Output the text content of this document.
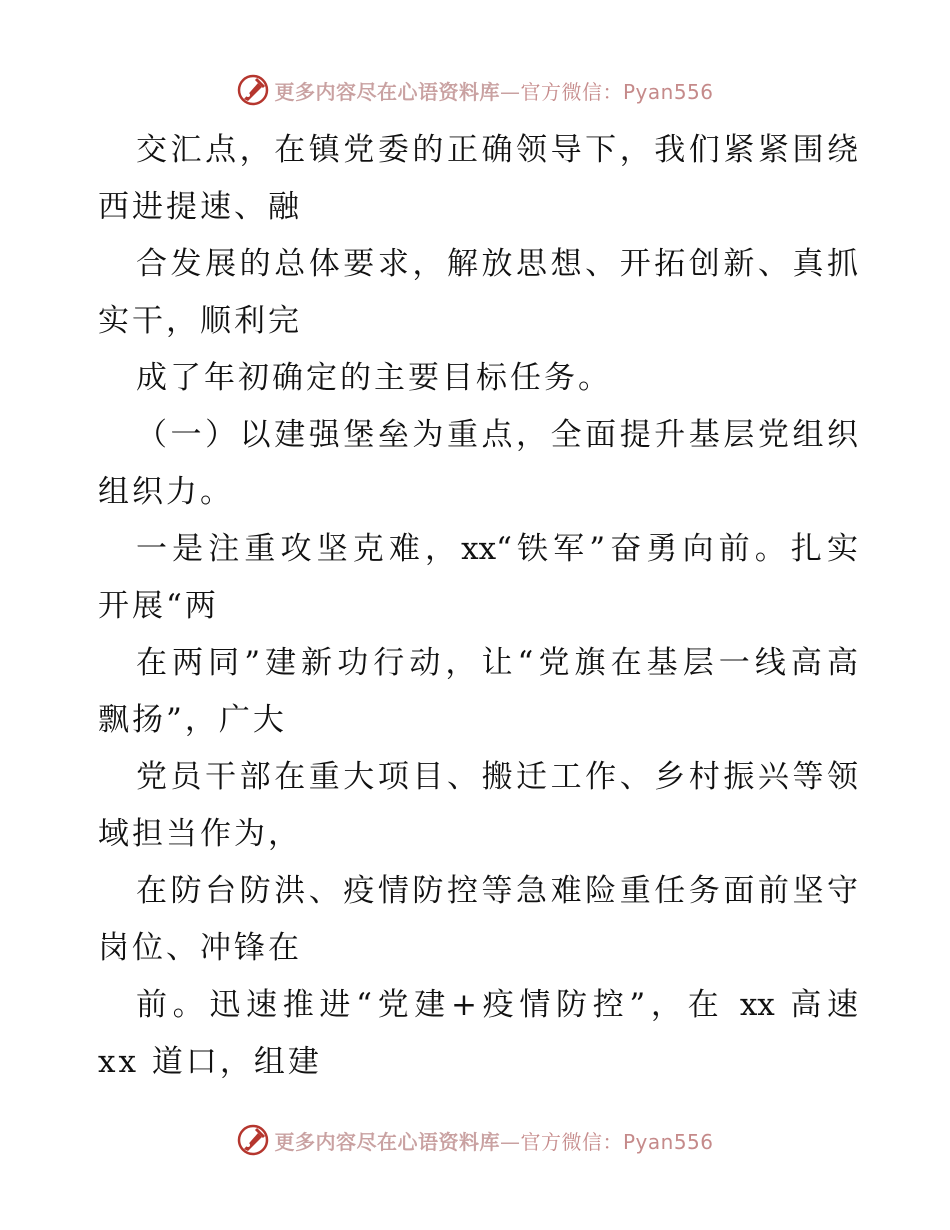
更多内容尽在心语资料库—官方微信：Pyan556
交汇点，在镇党委的正确领导下，我们紧紧围绕
西进提速、融
合发展的总体要求，解放思想、开拓创新、真抓
实干，顺利完
成了年初确定的主要目标任务。
（一）以建强堡垒为重点，全面提升基层党组织
组织力。
一是注重攻坚克难，xx“铁军”奋勇向前。扎实
开展“两
在两同”建新功行动，让“党旗在基层一线高高
飘扬”，广大
党员干部在重大项目、搬迁工作、乡村振兴等领
域担当作为，
在防台防洪、疫情防控等急难险重任务面前坚守
岗位、冲锋在
前。迅速推进“党建+疫情防控”，在 xx 高速
xx 道口，组建
更多内容尽在心语资料库—官方微信：Pyan556
